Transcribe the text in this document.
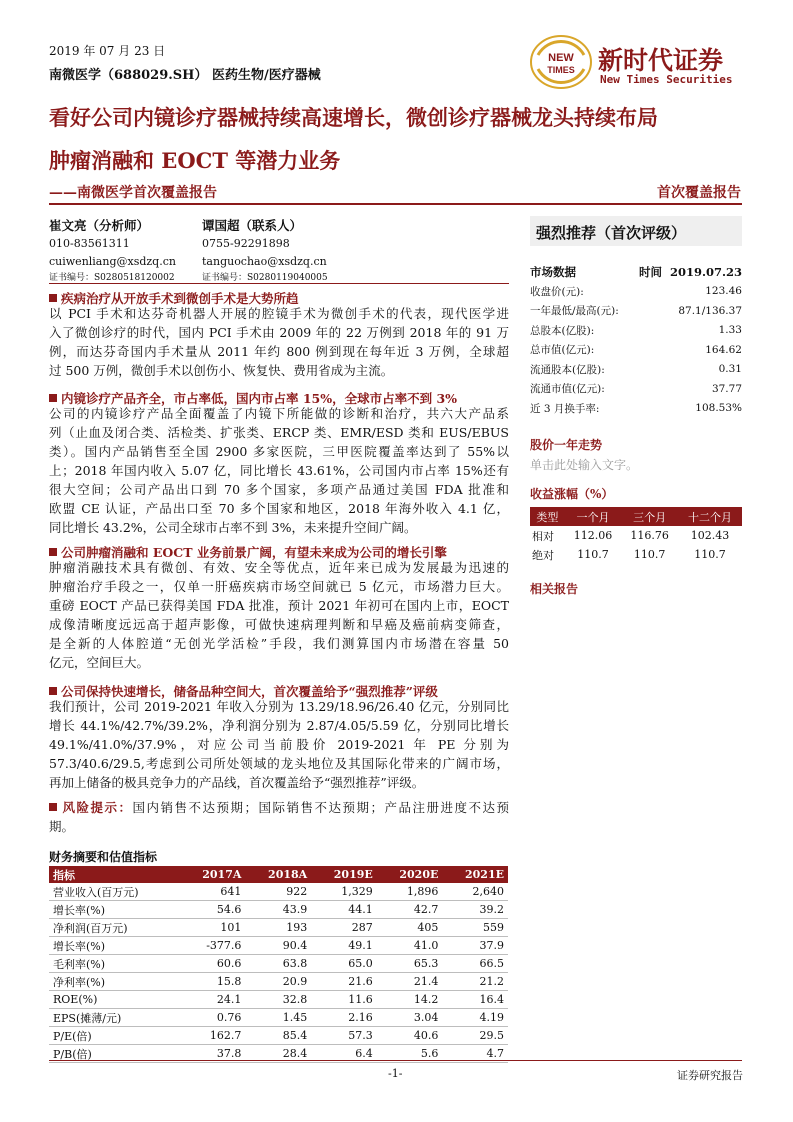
2019 年 07 月 23 日
南微医学（688029.SH） 医药生物/医疗器械
NEW
TIMES 新时代证券
New Times Securities
看好公司内镜诊疗器械持续高速增长，微创诊疗器械龙头持续布局
肿瘤消融和 EOCT 等潜力业务
——南微医学首次覆盖报告	首次覆盖报告
崔文亮（分析师）
010-83561311
cuiwenliang@xsdzq.cn
证书编号：S0280518120002
谭国超（联系人）
0755-92291898
tanguochao@xsdzq.cn
证书编号：S0280119040005
疾病治疗从开放手术到微创手术是大势所趋
以 PCI 手术和达芬奇机器人开展的腔镜手术为微创手术的代表，现代医学进
入了微创诊疗的时代，国内 PCI 手术由 2009 年的 22 万例到 2018 年的 91 万
例，而达芬奇国内手术量从 2011 年约 800 例到现在每年近 3 万例，全球超
过 500 万例，微创手术以创伤小、恢复快、费用省成为主流。
内镜诊疗产品齐全，市占率低，国内市占率 15%，全球市占率不到 3%
公司的内镜诊疗产品全面覆盖了内镜下所能做的诊断和治疗，共六大产品系
列（止血及闭合类、活检类、扩张类、ERCP 类、EMR/ESD 类和 EUS/EBUS
类）。国内产品销售至全国 2900 多家医院，三甲医院覆盖率达到了 55%以
上；2018 年国内收入 5.07 亿，同比增长 43.61%，公司国内市占率 15%还有
很大空间；公司产品出口到 70 多个国家，多项产品通过美国 FDA 批准和
欧盟 CE 认证，产品出口至 70 多个国家和地区，2018 年海外收入 4.1 亿，
同比增长 43.2%，公司全球市占率不到 3%，未来提升空间广阔。
公司肿瘤消融和 EOCT 业务前景广阔，有望未来成为公司的增长引擎
肿瘤消融技术具有微创、有效、安全等优点，近年来已成为发展最为迅速的
肿瘤治疗手段之一，仅单一肝癌疾病市场空间就已 5 亿元，市场潜力巨大。
重磅 EOCT 产品已获得美国 FDA 批准，预计 2021 年初可在国内上市，EOCT
成像清晰度远远高于超声影像，可做快速病理判断和早癌及癌前病变筛查，
是全新的人体腔道“无创光学活检”手段，我们测算国内市场潜在容量 50
亿元，空间巨大。
公司保持快速增长，储备品种空间大，首次覆盖给予“强烈推荐”评级
我们预计，公司 2019-2021 年收入分别为 13.29/18.96/26.40 亿元，分别同比
增长 44.1%/42.7%/39.2%，净利润分别为 2.87/4.05/5.59 亿，分别同比增长
49.1%/41.0%/37.9%，对应公司当前股价 2019-2021 年 PE 分别为
57.3/40.6/29.5,考虑到公司所处领域的龙头地位及其国际化带来的广阔市场，
再加上储备的极具竞争力的产品线，首次覆盖给予“强烈推荐”评级。
风险提示：国内销售不达预期；国际销售不达预期；产品注册进度不达预
期。
财务摘要和估值指标
指标	2017A	2018A	2019E	2020E	2021E
营业收入(百万元)	641	922	1,329	1,896	2,640
增长率(%)	54.6	43.9	44.1	42.7	39.2
净利润(百万元)	101	193	287	405	559
增长率(%)	-377.6	90.4	49.1	41.0	37.9
毛利率(%)	60.6	63.8	65.0	65.3	66.5
净利率(%)	15.8	20.9	21.6	21.4	21.2
ROE(%)	24.1	32.8	11.6	14.2	16.4
EPS(摊薄/元)	0.76	1.45	2.16	3.04	4.19
P/E(倍)	162.7	85.4	57.3	40.6	29.5
P/B(倍)	37.8	28.4	6.4	5.6	4.7
强烈推荐（首次评级）
市场数据	时间 2019.07.23
收盘价(元):	123.46
一年最低/最高(元):	87.1/136.37
总股本(亿股):	1.33
总市值(亿元):	164.62
流通股本(亿股):	0.31
流通市值(亿元):	37.77
近 3 月换手率:	108.53%
股价一年走势
单击此处输入文字。
收益涨幅（%）
类型	一个月	三个月	十二个月
相对	112.06	116.76	102.43
绝对	110.7	110.7	110.7
相关报告
-1-	证券研究报告
